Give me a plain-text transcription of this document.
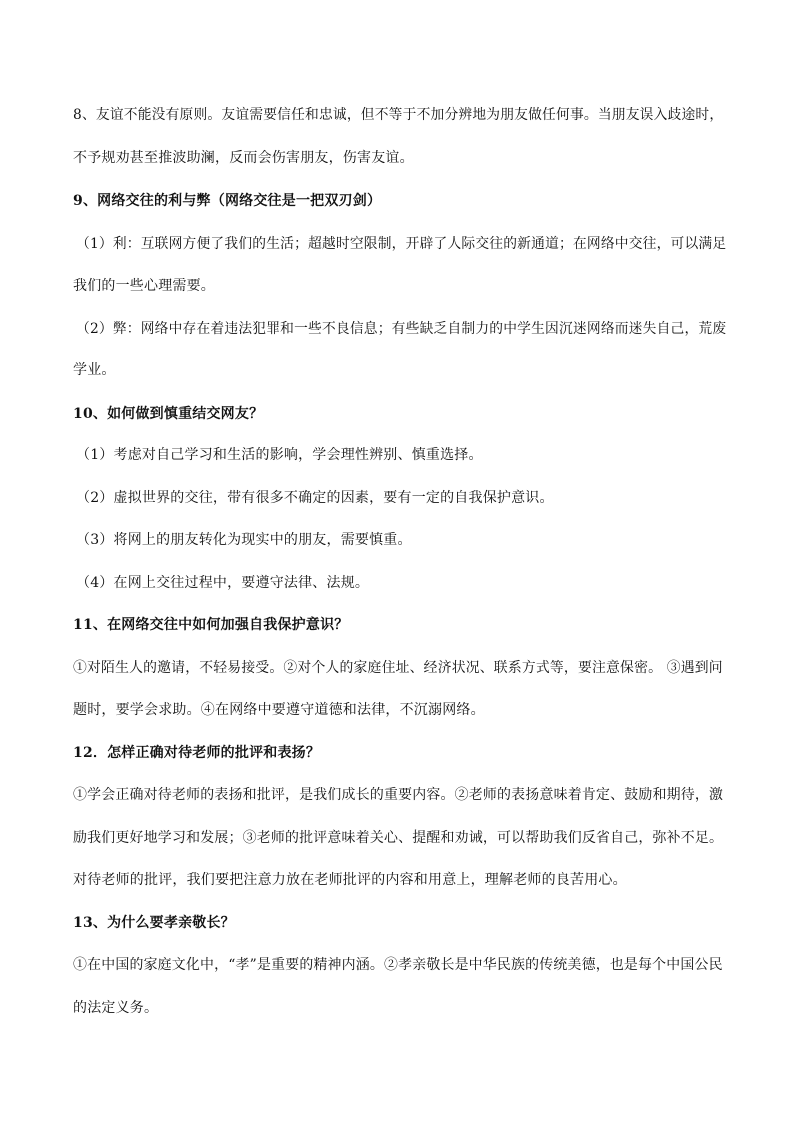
8、友谊不能没有原则。友谊需要信任和忠诚，但不等于不加分辨地为朋友做任何事。当朋友误入歧途时，
不予规劝甚至推波助澜，反而会伤害朋友，伤害友谊。
9、网络交往的利与弊（网络交往是一把双刃剑）
（1）利：互联网方便了我们的生活；超越时空限制，开辟了人际交往的新通道；在网络中交往，可以满足
我们的一些心理需要。
（2）弊：网络中存在着违法犯罪和一些不良信息；有些缺乏自制力的中学生因沉迷网络而迷失自己，荒废
学业。
10、如何做到慎重结交网友？
（1）考虑对自己学习和生活的影响，学会理性辨别、慎重选择。
（2）虚拟世界的交往，带有很多不确定的因素，要有一定的自我保护意识。
（3）将网上的朋友转化为现实中的朋友，需要慎重。
（4）在网上交往过程中，要遵守法律、法规。
11、在网络交往中如何加强自我保护意识？
①对陌生人的邀请，不轻易接受。②对个人的家庭住址、经济状况、联系方式等，要注意保密。 ③遇到问
题时，要学会求助。④在网络中要遵守道德和法律，不沉溺网络。
12．怎样正确对待老师的批评和表扬？
①学会正确对待老师的表扬和批评，是我们成长的重要内容。②老师的表扬意味着肯定、鼓励和期待，激
励我们更好地学习和发展；③老师的批评意味着关心、提醒和劝诫，可以帮助我们反省自己，弥补不足。
对待老师的批评，我们要把注意力放在老师批评的内容和用意上，理解老师的良苦用心。
13、为什么要孝亲敬长？
①在中国的家庭文化中，“孝”是重要的精神内涵。②孝亲敬长是中华民族的传统美德，也是每个中国公民
的法定义务。
